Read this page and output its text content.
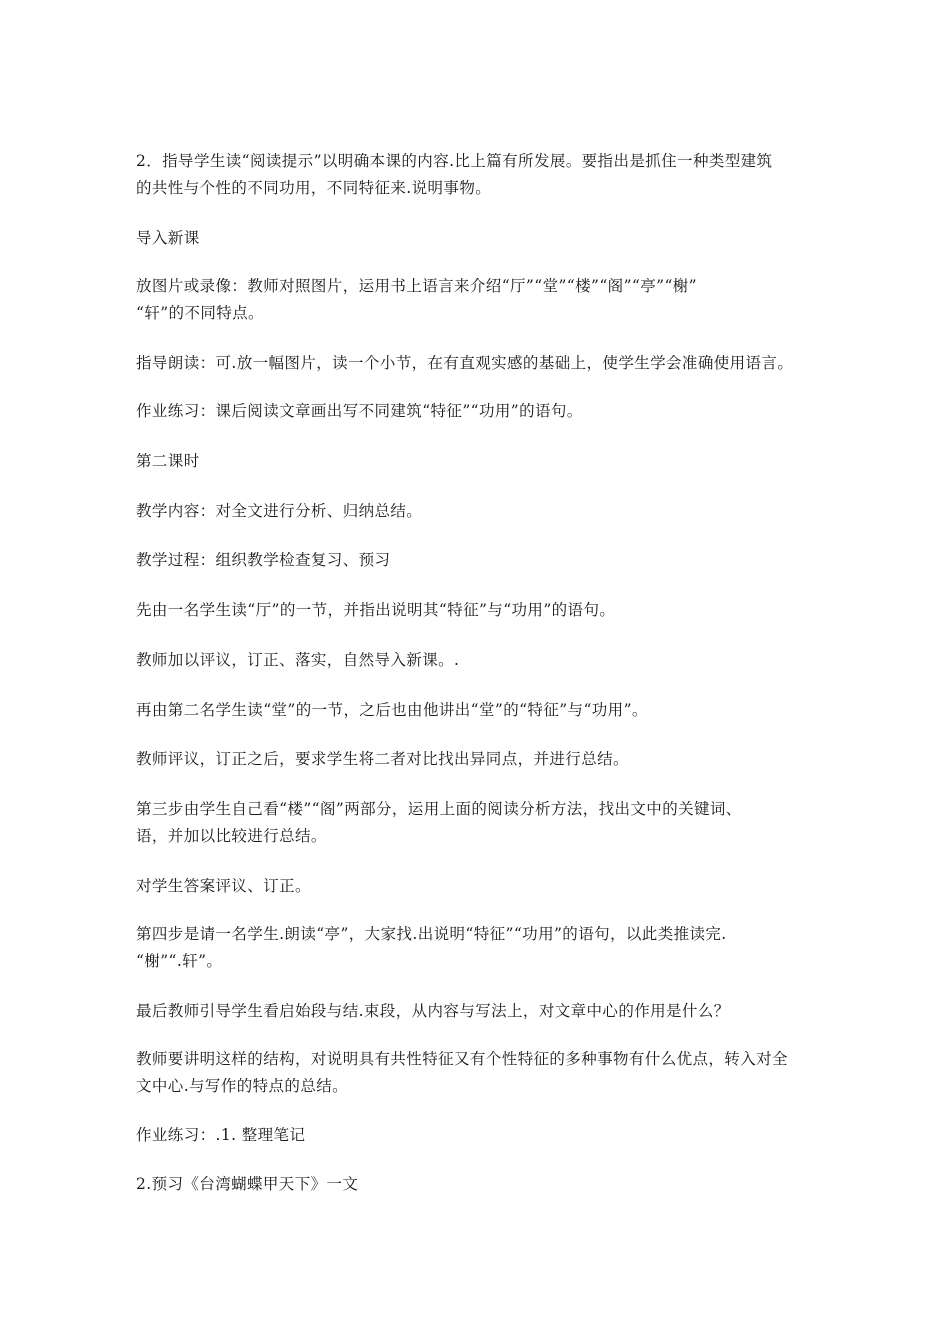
2．指导学生读“阅读提示”以明确本课的内容.比上篇有所发展。要指出是抓住一种类型建筑
的共性与个性的不同功用，不同特征来.说明事物。
导入新课
放图片或录像：教师对照图片，运用书上语言来介绍“厅”“堂”“楼”“阁”“亭”“榭”
“轩”的不同特点。
指导朗读：可.放一幅图片，读一个小节，在有直观实感的基础上，使学生学会准确使用语言。
作业练习：课后阅读文章画出写不同建筑“特征”“功用”的语句。
第二课时
教学内容：对全文进行分析、归纳总结。
教学过程：组织教学检查复习、预习
先由一名学生读“厅”的一节，并指出说明其“特征”与“功用”的语句。
教师加以评议，订正、落实，自然导入新课。.
再由第二名学生读“堂”的一节，之后也由他讲出“堂”的“特征”与“功用”。
教师评议，订正之后，要求学生将二者对比找出异同点，并进行总结。
第三步由学生自己看“楼”“阁”两部分，运用上面的阅读分析方法，找出文中的关键词、
语，并加以比较进行总结。
对学生答案评议、订正。
第四步是请一名学生.朗读“亭”，大家找.出说明“特征”“功用”的语句，以此类推读完.
“榭”“.轩”。
最后教师引导学生看启始段与结.束段，从内容与写法上，对文章中心的作用是什么？
教师要讲明这样的结构，对说明具有共性特征又有个性特征的多种事物有什么优点，转入对全
文中心.与写作的特点的总结。
作业练习：.1. 整理笔记
2.预习《台湾蝴蝶甲天下》一文
